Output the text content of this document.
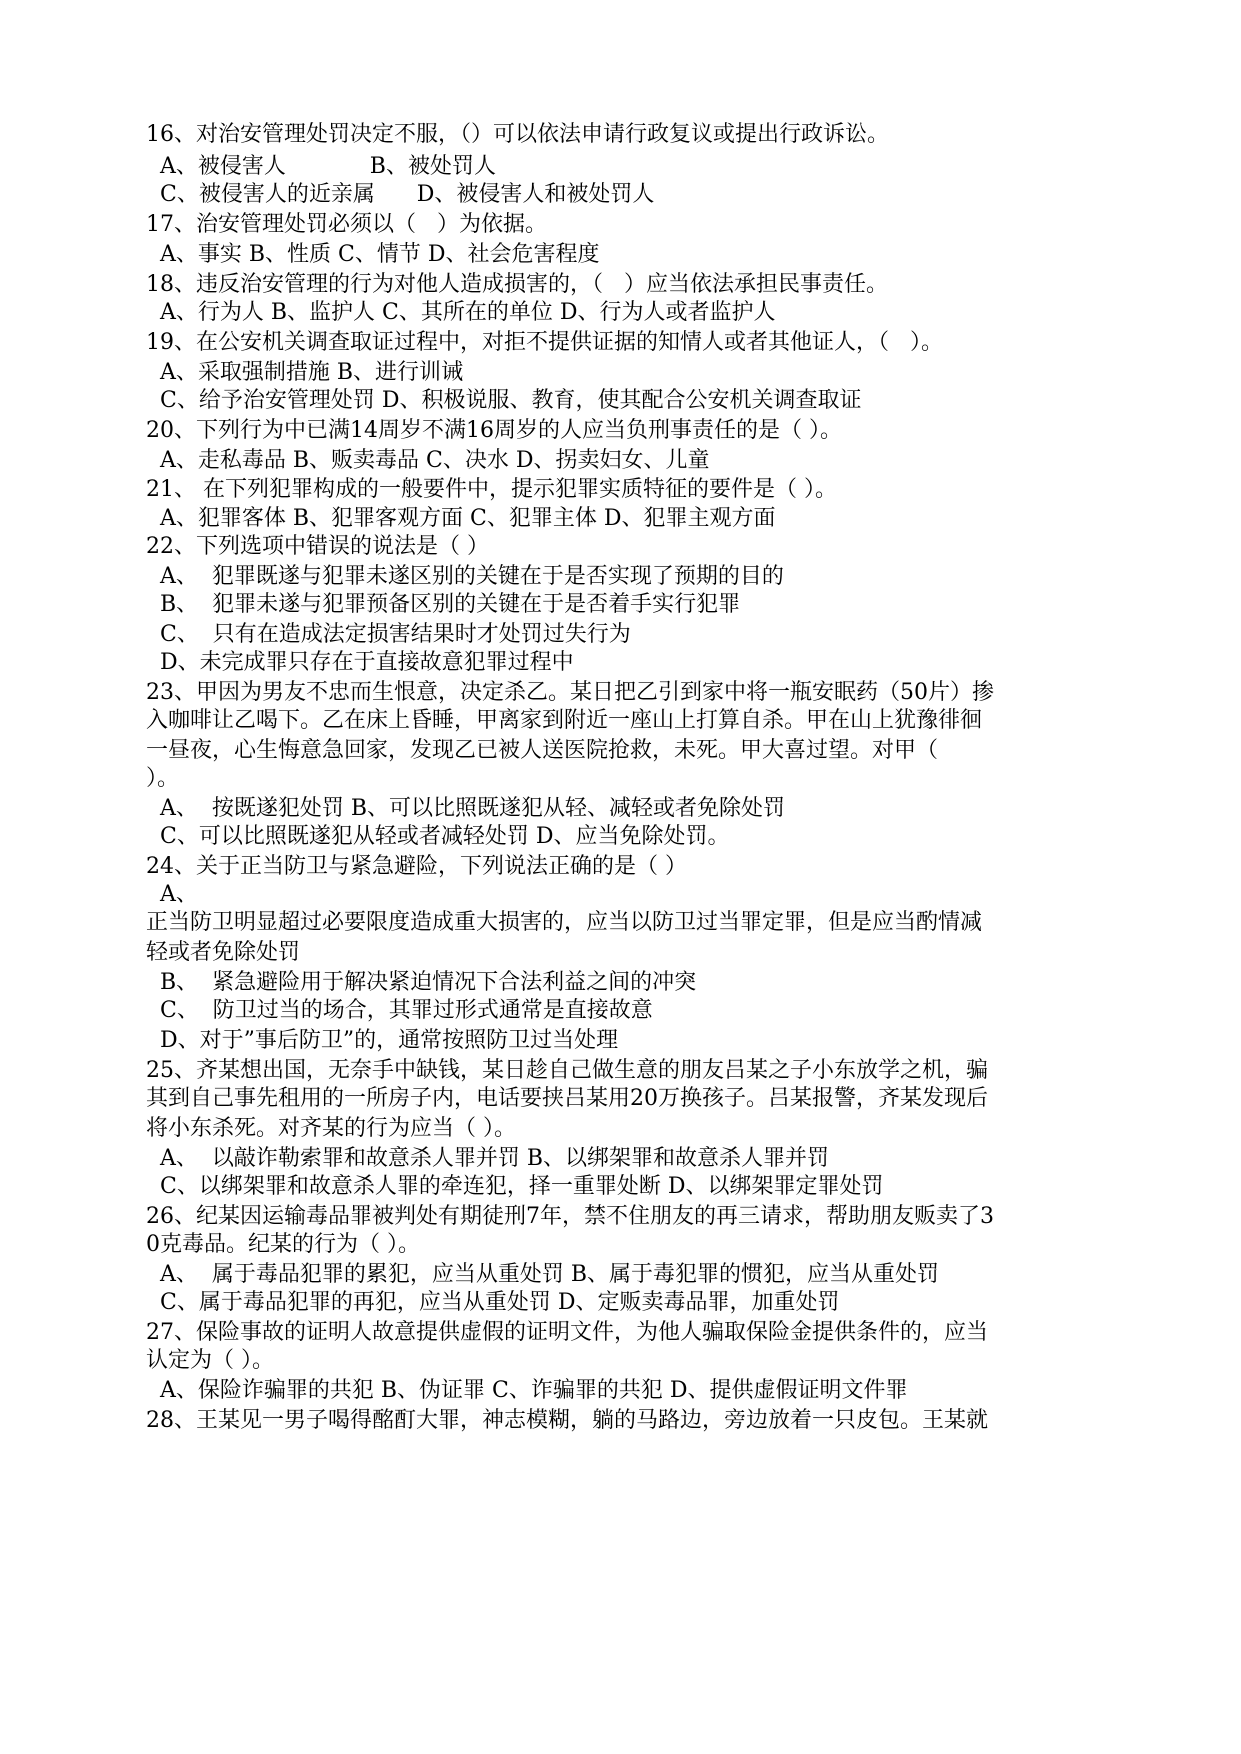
16、对治安管理处罚决定不服，（）可以依法申请行政复议或提出行政诉讼。
A、被侵害人            B、被处罚人
C、被侵害人的近亲属      D、被侵害人和被处罚人
17、治安管理处罚必须以（   ）为依据。
A、事实 B、性质 C、情节 D、社会危害程度
18、违反治安管理的行为对他人造成损害的，（   ）应当依法承担民事责任。
A、行为人 B、监护人 C、其所在的单位 D、行为人或者监护人
19、在公安机关调查取证过程中，对拒不提供证据的知情人或者其他证人，（   ）。
A、采取强制措施 B、进行训诫
C、给予治安管理处罚 D、积极说服、教育，使其配合公安机关调查取证
20、下列行为中已满14周岁不满16周岁的人应当负刑事责任的是（ ）。
A、走私毒品 B、贩卖毒品 C、决水 D、拐卖妇女、儿童
21、 在下列犯罪构成的一般要件中，提示犯罪实质特征的要件是（ ）。
A、犯罪客体 B、犯罪客观方面 C、犯罪主体 D、犯罪主观方面
22、下列选项中错误的说法是（ ）
A、  犯罪既遂与犯罪未遂区别的关键在于是否实现了预期的目的
B、  犯罪未遂与犯罪预备区别的关键在于是否着手实行犯罪
C、  只有在造成法定损害结果时才处罚过失行为
D、未完成罪只存在于直接故意犯罪过程中
23、甲因为男友不忠而生恨意，决定杀乙。某日把乙引到家中将一瓶安眠药（50片）掺
入咖啡让乙喝下。乙在床上昏睡，甲离家到附近一座山上打算自杀。甲在山上犹豫徘徊
一昼夜，心生悔意急回家，发现乙已被人送医院抢救，未死。甲大喜过望。对甲（
）。
A、  按既遂犯处罚 B、可以比照既遂犯从轻、减轻或者免除处罚
C、可以比照既遂犯从轻或者减轻处罚 D、应当免除处罚。
24、关于正当防卫与紧急避险，下列说法正确的是（ ）
A、
正当防卫明显超过必要限度造成重大损害的，应当以防卫过当罪定罪，但是应当酌情减
轻或者免除处罚
B、  紧急避险用于解决紧迫情况下合法利益之间的冲突
C、  防卫过当的场合，其罪过形式通常是直接故意
D、对于”事后防卫”的，通常按照防卫过当处理
25、齐某想出国，无奈手中缺钱，某日趁自己做生意的朋友吕某之子小东放学之机，骗
其到自己事先租用的一所房子内，电话要挟吕某用20万换孩子。吕某报警，齐某发现后
将小东杀死。对齐某的行为应当（ ）。
A、  以敲诈勒索罪和故意杀人罪并罚 B、以绑架罪和故意杀人罪并罚
C、以绑架罪和故意杀人罪的牵连犯，择一重罪处断 D、以绑架罪定罪处罚
26、纪某因运输毒品罪被判处有期徒刑7年，禁不住朋友的再三请求，帮助朋友贩卖了3
0克毒品。纪某的行为（ ）。
A、  属于毒品犯罪的累犯，应当从重处罚 B、属于毒犯罪的惯犯，应当从重处罚
C、属于毒品犯罪的再犯，应当从重处罚 D、定贩卖毒品罪，加重处罚
27、保险事故的证明人故意提供虚假的证明文件，为他人骗取保险金提供条件的，应当
认定为（ ）。
A、保险诈骗罪的共犯 B、伪证罪 C、诈骗罪的共犯 D、提供虚假证明文件罪
28、王某见一男子喝得酩酊大罪，神志模糊，躺的马路边，旁边放着一只皮包。王某就
